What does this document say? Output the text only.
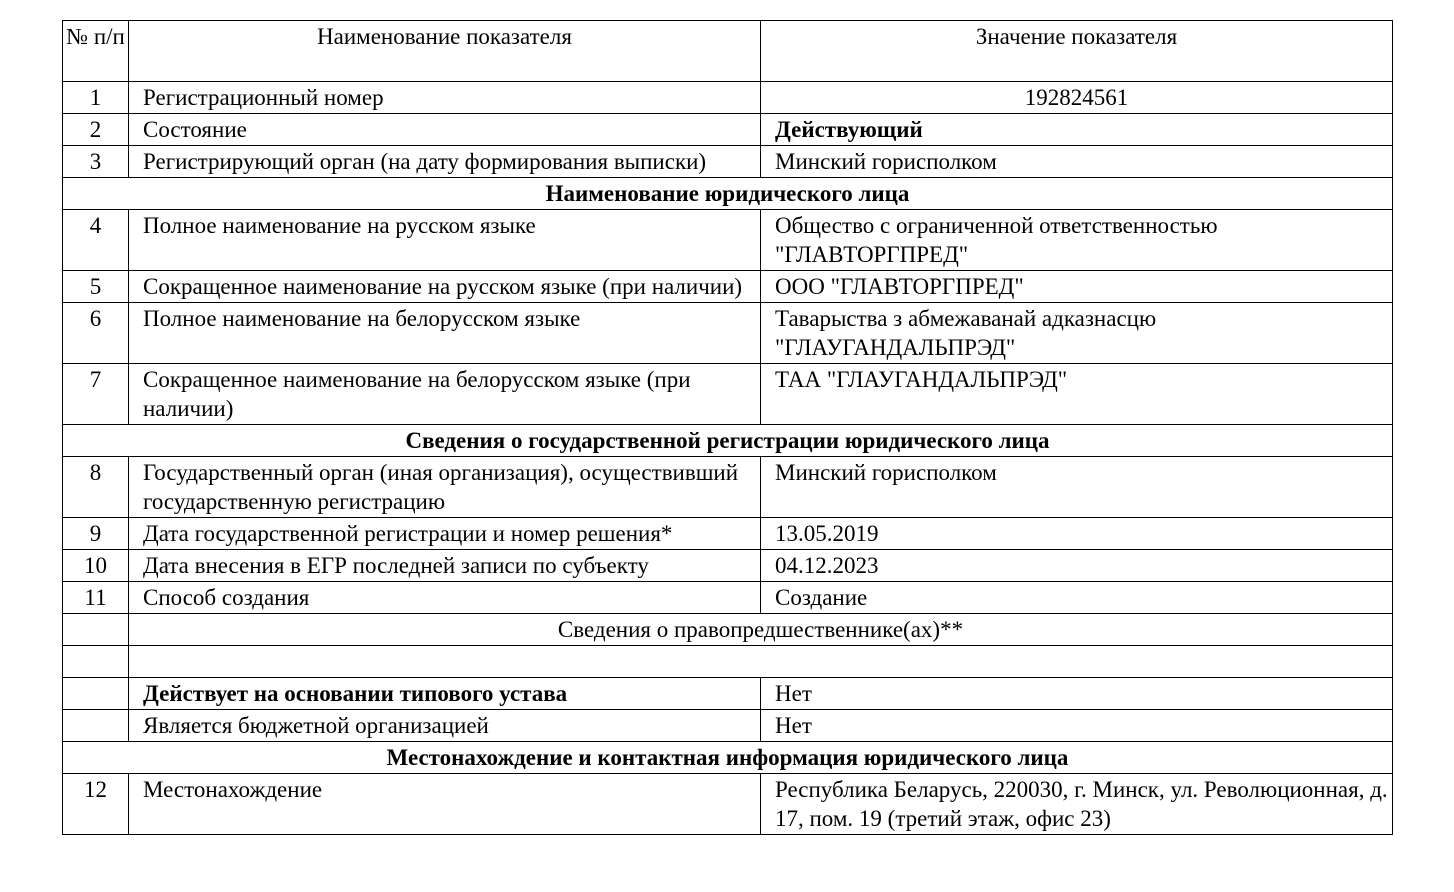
№ п/п	Наименование показателя	Значение показателя
1	Регистрационный номер	192824561
2	Состояние	Действующий
3	Регистрирующий орган (на дату формирования выписки)	Минский горисполком
Наименование юридического лица		
4	Полное наименование на русском языке	Общество с ограниченной ответственностью "ГЛАВТОРГПРЕД"
5	Сокращенное наименование на русском языке (при наличии)	ООО "ГЛАВТОРГПРЕД"
6	Полное наименование на белорусском языке	Таварыства з абмежаванай адказнасцю "ГЛАУГАНДАЛЬПРЭД"
7	Сокращенное наименование на белорусском языке (при наличии)	ТАА "ГЛАУГАНДАЛЬПРЭД"
Сведения о государственной регистрации юридического лица		
8	Государственный орган (иная организация), осуществивший государственную регистрацию	Минский горисполком
9	Дата государственной регистрации и номер решения*	13.05.2019
10	Дата внесения в ЕГР последней записи по субъекту	04.12.2023
11	Способ создания	Создание
	Сведения о правопредшественнике(ах)**	

	Действует на основании типового устава	Нет
	Является бюджетной организацией	Нет
Местонахождение и контактная информация юридического лица		
12	Местонахождение	Республика Беларусь, 220030, г. Минск, ул. Революционная, д. 17, пом. 19 (третий этаж, офис 23)
